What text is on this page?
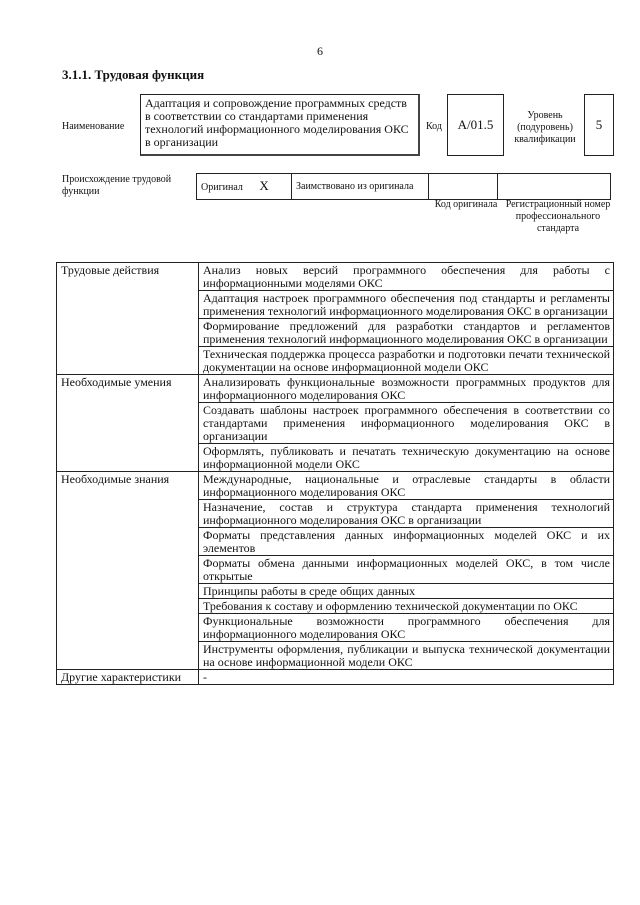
6
3.1.1. Трудовая функция
Наименование
Адаптация и сопровождение программных средств в соответствии со стандартами применения технологий информационного моделирования ОКС в организации
Код	A/01.5
Уровень (подуровень) квалификации
5
Происхождение трудовой функции	Оригинал X	Заимствовано из оригинала		
Код оригинала Регистрационный номер профессионального стандарта
Трудовые действия	Анализ новых версий программного обеспечения для работы с информационными моделями ОКС
	Адаптация настроек программного обеспечения под стандарты и регламенты применения технологий информационного моделирования ОКС в организации
	Формирование предложений для разработки стандартов и регламентов применения технологий информационного моделирования ОКС в организации
	Техническая поддержка процесса разработки и подготовки печати технической документации на основе информационной модели ОКС
Необходимые умения	Анализировать функциональные возможности программных продуктов для информационного моделирования ОКС
	Создавать шаблоны настроек программного обеспечения в соответствии со стандартами применения информационного моделирования ОКС в организации
	Оформлять, публиковать и печатать техническую документацию на основе информационной модели ОКС
Необходимые знания	Международные, национальные и отраслевые стандарты в области информационного моделирования ОКС
	Назначение, состав и структура стандарта применения технологий информационного моделирования ОКС в организации
	Форматы представления данных информационных моделей ОКС и их элементов
	Форматы обмена данными информационных моделей ОКС, в том числе открытые
	Принципы работы в среде общих данных
	Требования к составу и оформлению технической документации по ОКС
	Функциональные возможности программного обеспечения для информационного моделирования ОКС
	Инструменты оформления, публикации и выпуска технической документации на основе информационной модели ОКС
Другие характеристики	-
